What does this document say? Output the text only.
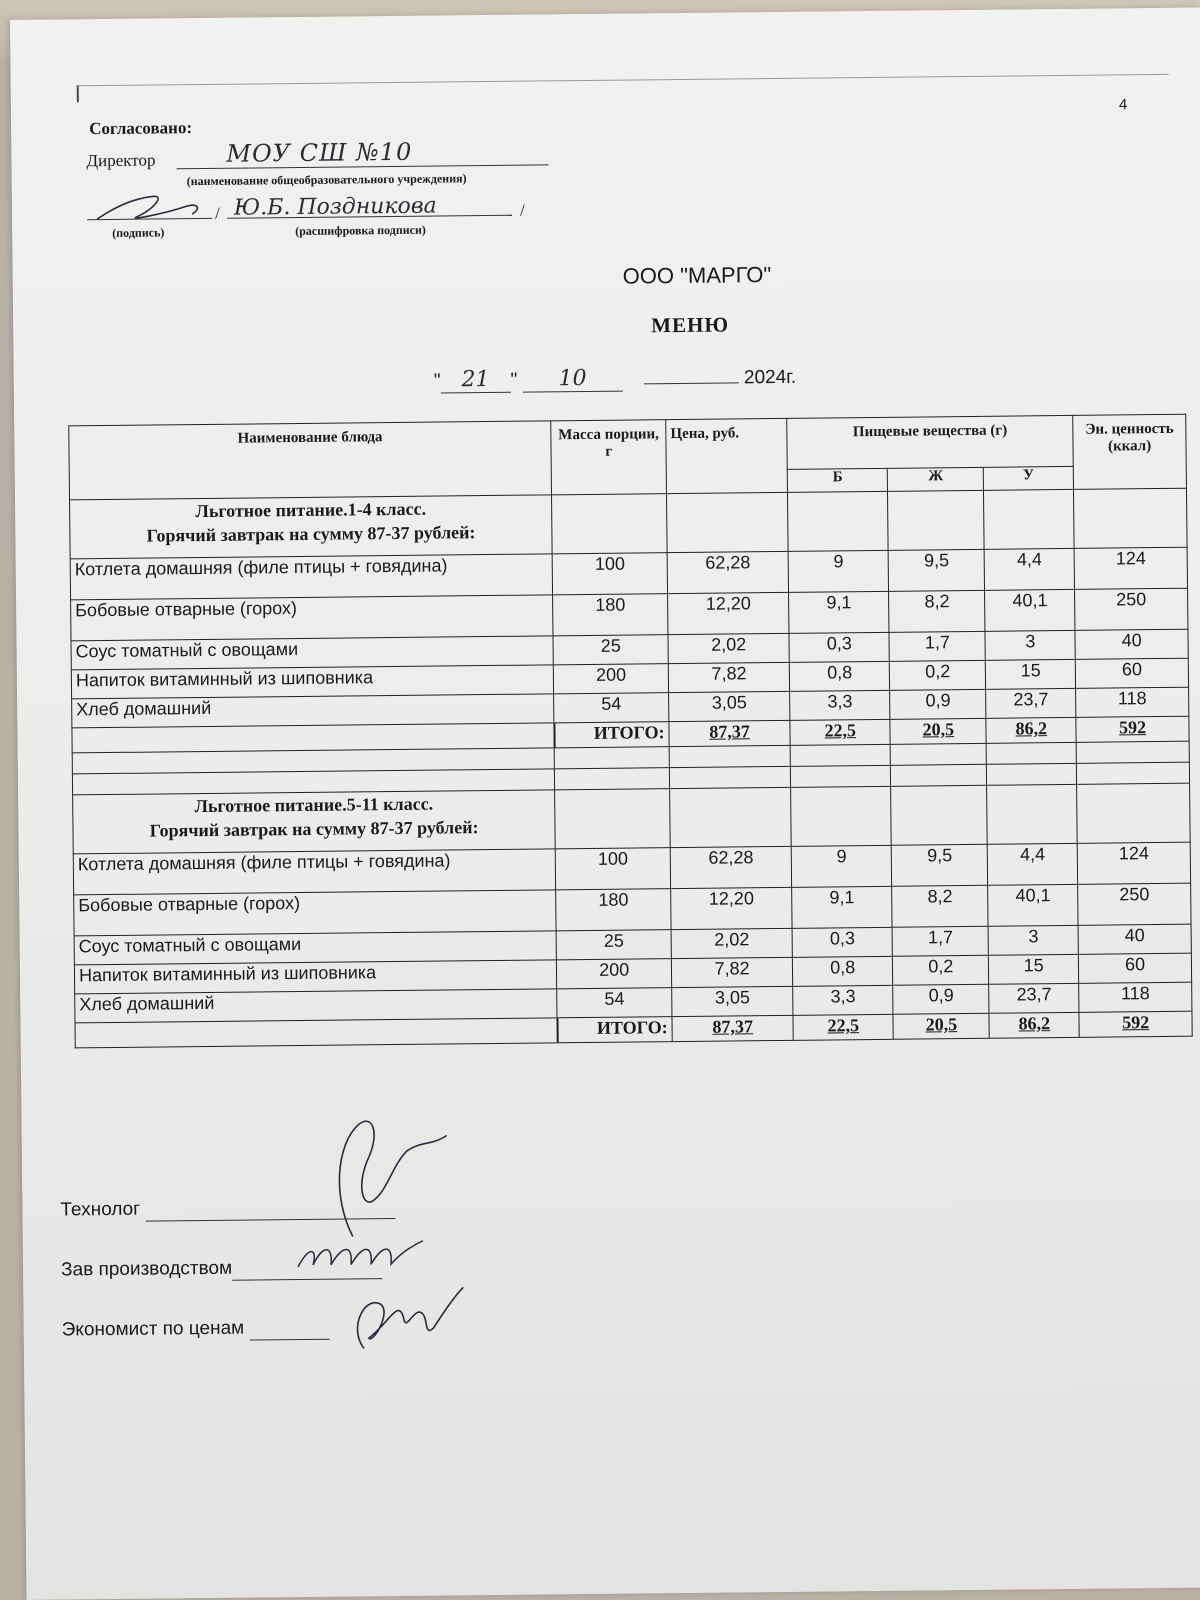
4
Согласовано:
Директор	МОУ СШ №10
(наименование общеобразовательного учреждения)
/ Ю.Б. Поздникова	/
(подпись)	(расшифровка подписи)
ООО "МАРГО"
МЕНЮ
" 21 " 10	2024г.
Наименование блюда	Масса порции, г	Цена, руб.	Пищевые вещества (г)			Эн. ценность (ккал)
			Б	Ж	У	

Льготное питание.1-4 класс.
Горячий завтрак на сумму 87-37 рублей:						

Котлета домашняя (филе птицы + говядина)	100	62,28	9	9,5	4,4	124
Бобовые отварные (горох)	180	12,20	9,1	8,2	40,1	250
Соус томатный с овощами	25	2,02	0,3	1,7	3	40
Напиток витаминный из шиповника	200	7,82	0,8	0,2	15	60
Хлеб домашний	54	3,05	3,3	0,9	23,7	118
	ИТОГО:	87,37	22,5	20,5	86,2	592

Льготное питание.5-11 класс.
Горячий завтрак на сумму 87-37 рублей:						

Котлета домашняя (филе птицы + говядина)	100	62,28	9	9,5	4,4	124
Бобовые отварные (горох)	180	12,20	9,1	8,2	40,1	250
Соус томатный с овощами	25	2,02	0,3	1,7	3	40
Напиток витаминный из шиповника	200	7,82	0,8	0,2	15	60
Хлеб домашний	54	3,05	3,3	0,9	23,7	118
	ИТОГО:	87,37	22,5	20,5	86,2	592
Технолог
Зав производством
Экономист по ценам
